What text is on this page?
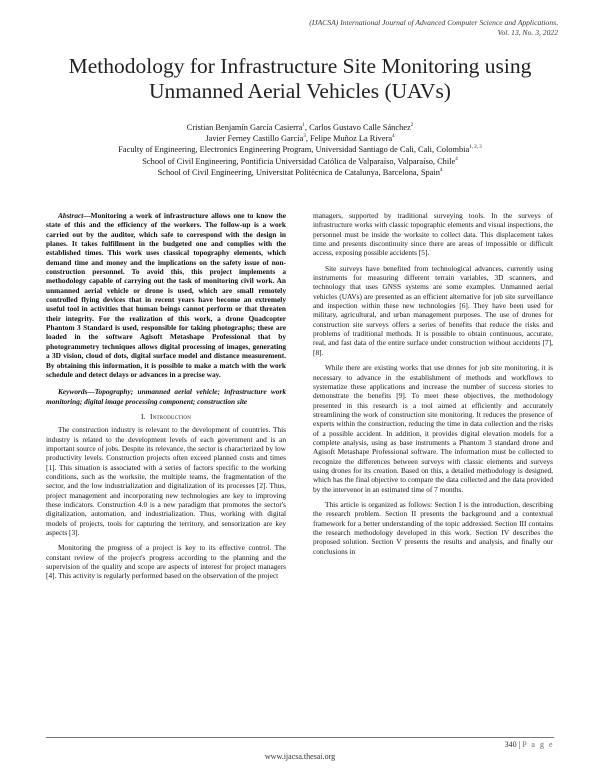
(IJACSA) International Journal of Advanced Computer Science and Applications,
Vol. 13, No. 3, 2022
Methodology for Infrastructure Site Monitoring using Unmanned Aerial Vehicles (UAVs)
Cristian Benjamín García Casierra$^1$, Carlos Gustavo Calle Sánchez$^2$
Javier Ferney Castillo García$^3$, Felipe Muñoz La Rivera$^4$
Faculty of Engineering, Electronics Engineering Program, Universidad Santiago de Cali, Cali, Colombia$^{1, 2, 3}$
School of Civil Engineering, Pontificia Universidad Católica de Valparaíso, Valparaíso, Chile$^4$
School of Civil Engineering, Universitat Politècnica de Catalunya, Barcelona, Spain$^4$

Abstract—Monitoring a work of infrastructure allows one to know the state of this and the efficiency of the workers. The follow-up is a work carried out by the auditor, which safe to correspond with the design in planes. It takes fulfillment in the budgeted one and complies with the established times. This work uses classical topography elements, which demand time and money and the implications on the safety issue of non-construction personnel. To avoid this, this project implements a methodology capable of carrying out the task of monitoring civil work. An unmanned aerial vehicle or drone is used, which are small remotely controlled flying devices that in recent years have become an extremely useful tool in activities that human beings cannot perform or that threaten their integrity. For the realization of this work, a drone Quadcopter Phantom 3 Standard is used, responsible for taking photographs; these are loaded in the software Agisoft Metashape Professional that by photogrammetry techniques allows digital processing of images, generating a 3D vision, cloud of dots, digital surface model and distance measurement. By obtaining this information, it is possible to make a match with the work schedule and detect delays or advances in a precise way.

Keywords—Topography; unmanned aerial vehicle; infrastructure work monitoring; digital image processing component; construction site

I. Introduction

The construction industry is relevant to the development of countries. This industry is related to the development levels of each government and is an important source of jobs. Despite its relevance, the sector is characterized by low productivity levels. Construction projects often exceed planned costs and times [1]. This situation is associated with a series of factors specific to the working conditions, such as the worksite, the multiple teams, the fragmentation of the sector, and the low industrialization and digitalization of its processes [2]. Thus, project management and incorporating new technologies are key to improving these indicators. Construction 4.0 is a new paradigm that promotes the sector's digitalization, automation, and industrialization. Thus, working with digital models of projects, tools for capturing the territory, and sensorization are key aspects [3].

Monitoring the progress of a project is key to its effective control. The constant review of the project's progress according to the planning and the supervision of the quality and scope are aspects of interest for project managers [4]. This activity is regularly performed based on the observation of the project

managers, supported by traditional surveying tools. In the surveys of infrastructure works with classic topographic elements and visual inspections, the personnel must be inside the worksite to collect data. This displacement takes time and presents discontinuity since there are areas of impossible or difficult access, exposing possible accidents [5].

Site surveys have benefited from technological advances, currently using instruments for measuring different terrain variables, 3D scanners, and technology that uses GNSS systems are some examples. Unmanned aerial vehicles (UAVs) are presented as an efficient alternative for job site surveillance and inspection within these new technologies [6]. They have been used for military, agricultural, and urban management purposes. The use of drones for construction site surveys offers a series of benefits that reduce the risks and problems of traditional methods. It is possible to obtain continuous, accurate, real, and fast data of the entire surface under construction without accidents [7], [8].

While there are existing works that use drones for job site monitoring, it is necessary to advance in the establishment of methods and workflows to systematize these applications and increase the number of success stories to demonstrate the benefits [9]. To meet these objectives, the methodology presented in this research is a tool aimed at efficiently and accurately streamlining the work of construction site monitoring. It reduces the presence of experts within the construction, reducing the time in data collection and the risks of a possible accident. In addition, it provides digital elevation models for a complete analysis, using as base instruments a Phantom 3 standard drone and Agisoft Metashape Professional software. The information must be collected to recognize the differences between surveys with classic elements and surveys using drones for its creation. Based on this, a detailed methodology is designed, which has the final objective to compare the data collected and the data provided by the intervenor in an estimated time of 7 months.

This article is organized as follows: Section I is the introduction, describing the research problem. Section II presents the background and a contextual framework for a better understanding of the topic addressed. Section III contains the research methodology developed in this work. Section IV describes the proposed solution. Section V presents the results and analysis, and finally our conclusions in

340 | P a g e
www.ijacsa.thesai.org
